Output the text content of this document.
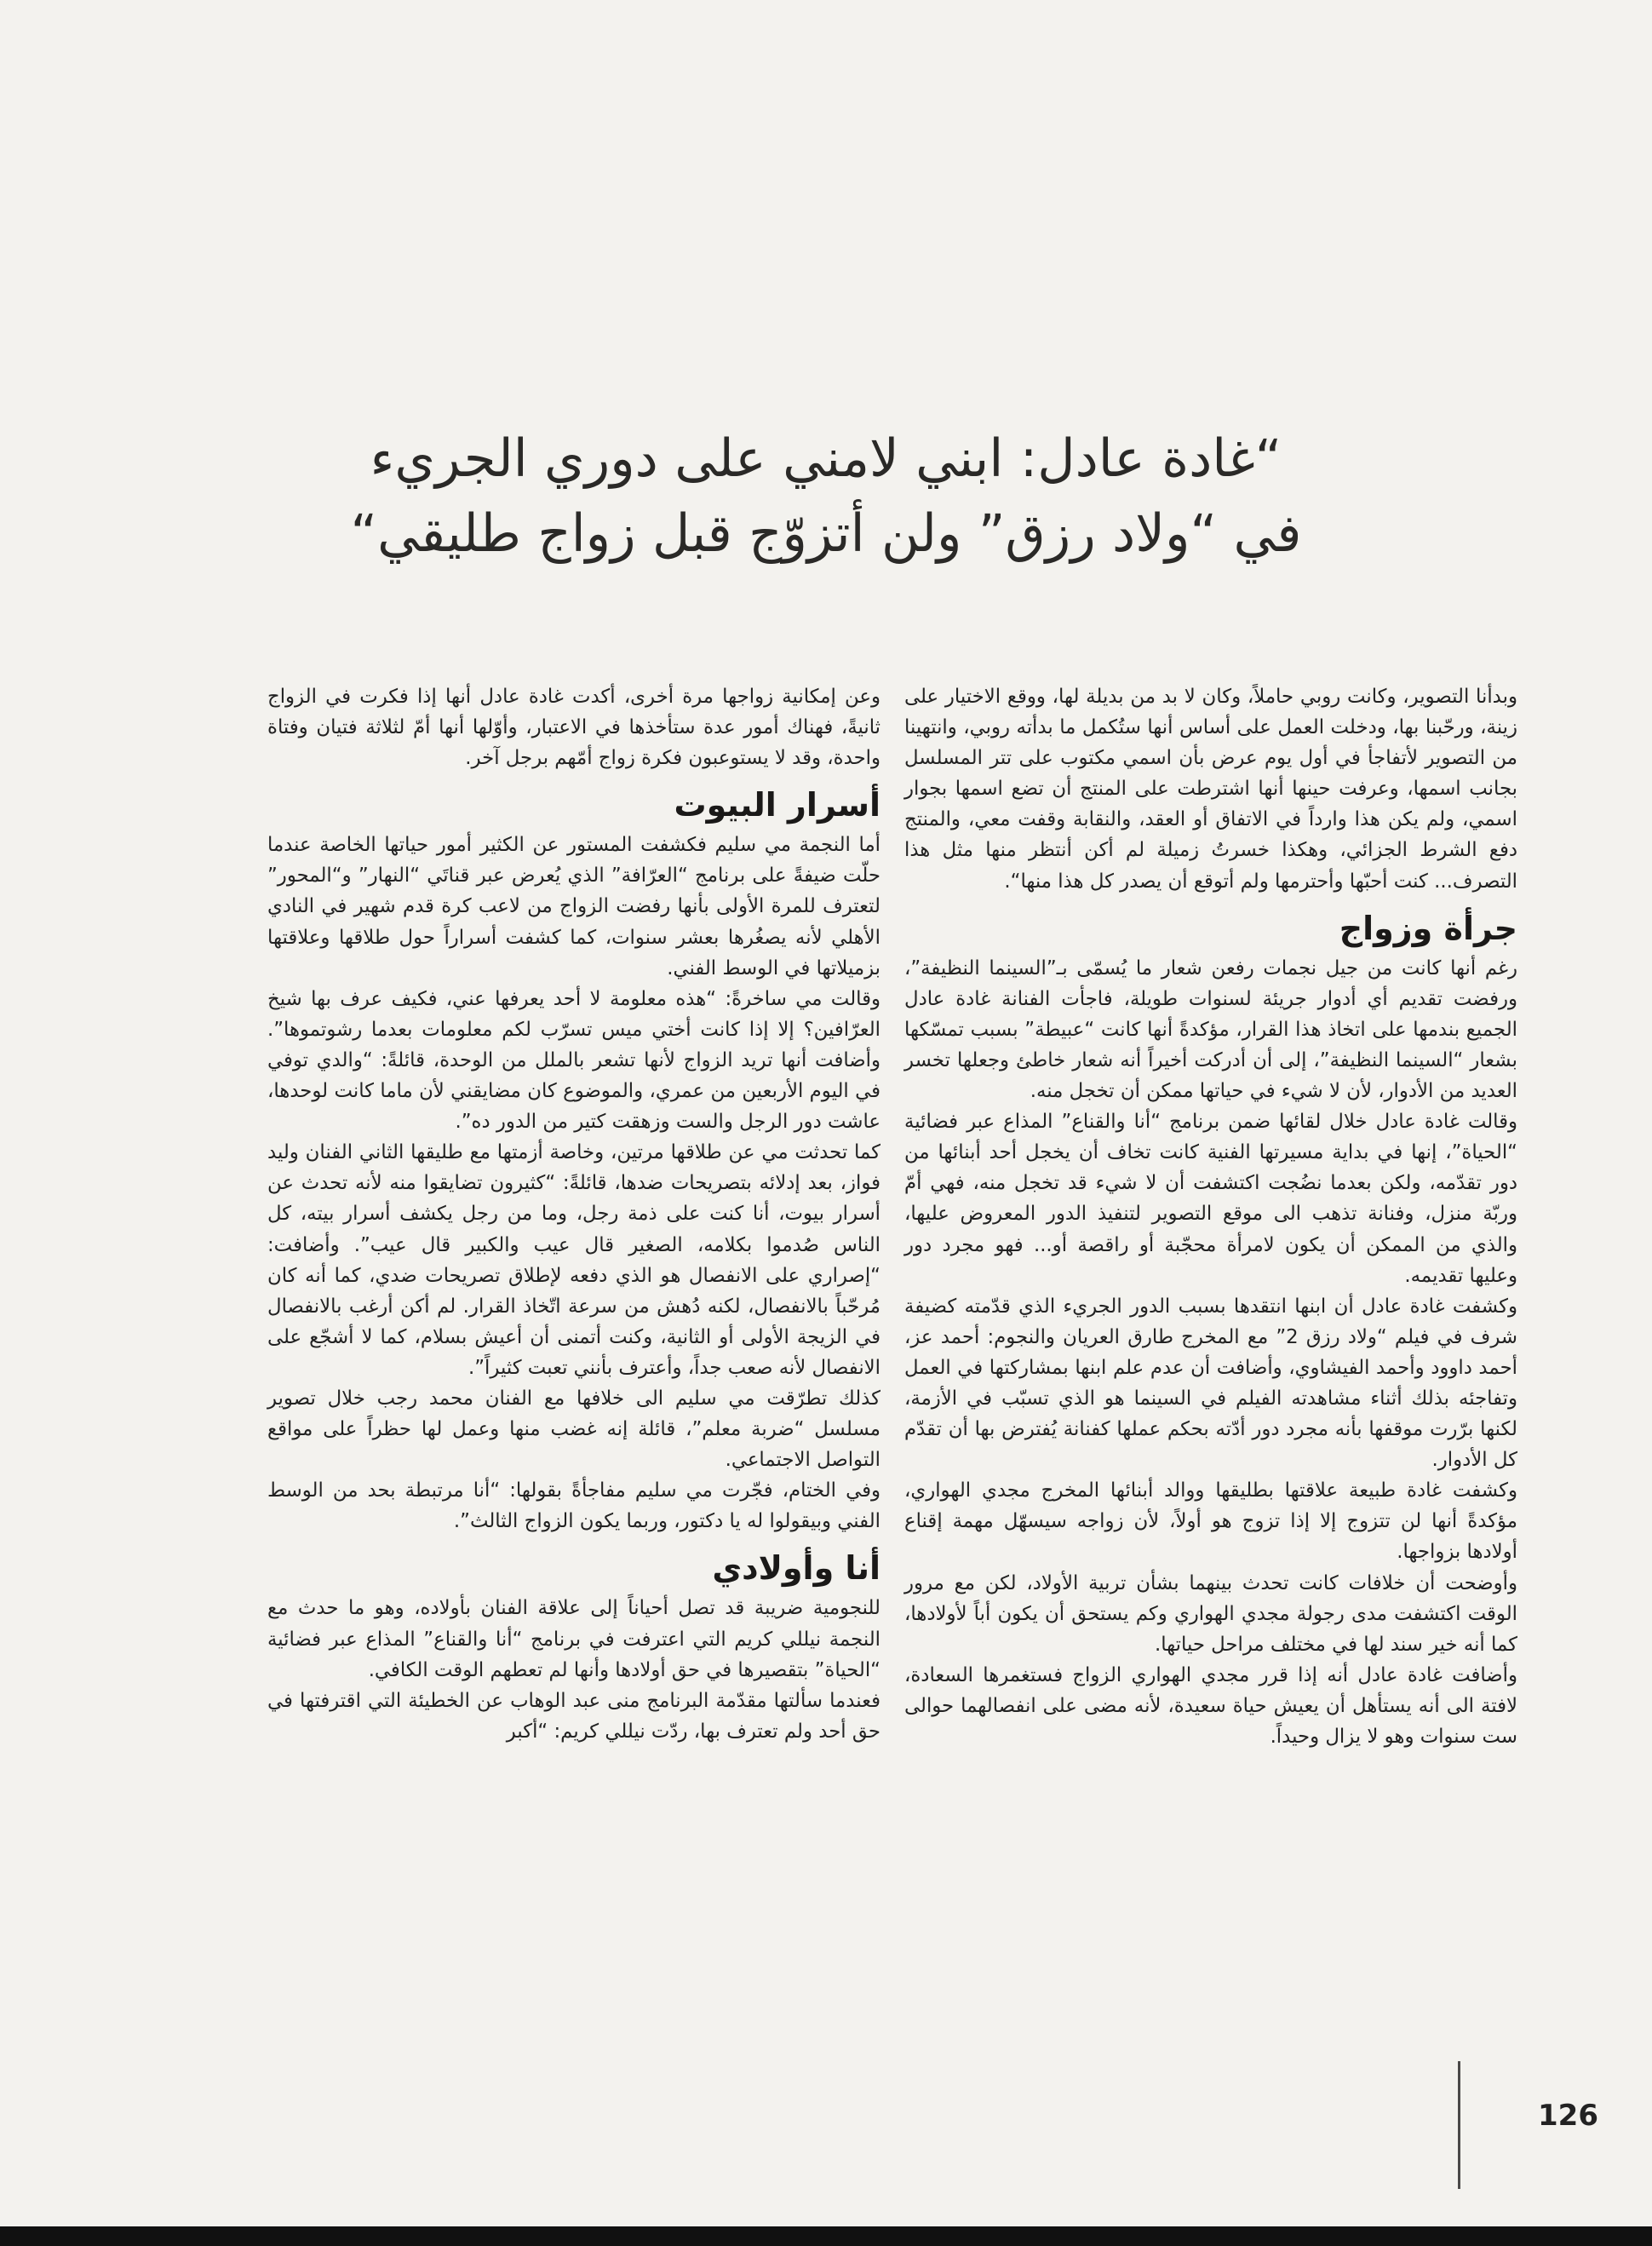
“غادة عادل: ابني لامني على دوري الجريء
في “ولاد رزق” ولن أتزوّج قبل زواج طليقي“

وبدأنا التصوير، وكانت روبي حاملاً، وكان لا بد من بديلة لها، ووقع الاختيار على زينة، ورحّبنا بها، ودخلت العمل على أساس أنها ستُكمل ما بدأته روبي، وانتهينا من التصوير لأتفاجأ في أول يوم عرض بأن اسمي مكتوب على تتر المسلسل بجانب اسمها، وعرفت حينها أنها اشترطت على المنتج أن تضع اسمها بجوار اسمي، ولم يكن هذا وارداً في الاتفاق أو العقد، والنقابة وقفت معي، والمنتج دفع الشرط الجزائي، وهكذا خسرتُ زميلة لم أكن أنتظر منها مثل هذا التصرف... كنت أحبّها وأحترمها ولم أتوقع أن يصدر كل هذا منها“.

جرأة وزواج

رغم أنها كانت من جيل نجمات رفعن شعار ما يُسمّى بـ”السينما النظيفة”، ورفضت تقديم أي أدوار جريئة لسنوات طويلة، فاجأت الفنانة غادة عادل الجميع بندمها على اتخاذ هذا القرار، مؤكدةً أنها كانت “عبيطة” بسبب تمسّكها بشعار “السينما النظيفة”، إلى أن أدركت أخيراً أنه شعار خاطئ وجعلها تخسر العديد من الأدوار، لأن لا شيء في حياتها ممكن أن تخجل منه.

وقالت غادة عادل خلال لقائها ضمن برنامج “أنا والقناع” المذاع عبر فضائية “الحياة”، إنها في بداية مسيرتها الفنية كانت تخاف أن يخجل أحد أبنائها من دور تقدّمه، ولكن بعدما نضُجت اكتشفت أن لا شيء قد تخجل منه، فهي أمّ وربّة منزل، وفنانة تذهب الى موقع التصوير لتنفيذ الدور المعروض عليها، والذي من الممكن أن يكون لامرأة محجّبة أو راقصة أو... فهو مجرد دور وعليها تقديمه.

وكشفت غادة عادل أن ابنها انتقدها بسبب الدور الجريء الذي قدّمته كضيفة شرف في فيلم “ولاد رزق 2” مع المخرج طارق العريان والنجوم: أحمد عز، أحمد داوود وأحمد الفيشاوي، وأضافت أن عدم علم ابنها بمشاركتها في العمل وتفاجئه بذلك أثناء مشاهدته الفيلم في السينما هو الذي تسبّب في الأزمة، لكنها برّرت موقفها بأنه مجرد دور أدّته بحكم عملها كفنانة يُفترض بها أن تقدّم كل الأدوار.

وكشفت غادة طبيعة علاقتها بطليقها ووالد أبنائها المخرج مجدي الهواري، مؤكدةً أنها لن تتزوج إلا إذا تزوج هو أولاً، لأن زواجه سيسهّل مهمة إقناع أولادها بزواجها.

وأوضحت أن خلافات كانت تحدث بينهما بشأن تربية الأولاد، لكن مع مرور الوقت اكتشفت مدى رجولة مجدي الهواري وكم يستحق أن يكون أباً لأولادها، كما أنه خير سند لها في مختلف مراحل حياتها.

وأضافت غادة عادل أنه إذا قرر مجدي الهواري الزواج فستغمرها السعادة، لافتة الى أنه يستأهل أن يعيش حياة سعيدة، لأنه مضى على انفصالهما حوالى ست سنوات وهو لا يزال وحيداً.

وعن إمكانية زواجها مرة أخرى، أكدت غادة عادل أنها إذا فكرت في الزواج ثانيةً، فهناك أمور عدة ستأخذها في الاعتبار، وأوّلها أنها أمّ لثلاثة فتيان وفتاة واحدة، وقد لا يستوعبون فكرة زواج أمّهم برجل آخر.

أسرار البيوت

أما النجمة مي سليم فكشفت المستور عن الكثير أمور حياتها الخاصة عندما حلّت ضيفةً على برنامج “العرّافة” الذي يُعرض عبر قناتَي “النهار” و“المحور” لتعترف للمرة الأولى بأنها رفضت الزواج من لاعب كرة قدم شهير في النادي الأهلي لأنه يصغُرها بعشر سنوات، كما كشفت أسراراً حول طلاقها وعلاقتها بزميلاتها في الوسط الفني.

وقالت مي ساخرةً: “هذه معلومة لا أحد يعرفها عني، فكيف عرف بها شيخ العرّافين؟ إلا إذا كانت أختي ميس تسرّب لكم معلومات بعدما رشوتموها”. وأضافت أنها تريد الزواج لأنها تشعر بالملل من الوحدة، قائلةً: “والدي توفي في اليوم الأربعين من عمري، والموضوع كان مضايقني لأن ماما كانت لوحدها، عاشت دور الرجل والست وزهقت كتير من الدور ده”.

كما تحدثت مي عن طلاقها مرتين، وخاصة أزمتها مع طليقها الثاني الفنان وليد فواز، بعد إدلائه بتصريحات ضدها، قائلةً: “كثيرون تضايقوا منه لأنه تحدث عن أسرار بيوت، أنا كنت على ذمة رجل، وما من رجل يكشف أسرار بيته، كل الناس صُدموا بكلامه، الصغير قال عيب والكبير قال عيب”. وأضافت: “إصراري على الانفصال هو الذي دفعه لإطلاق تصريحات ضدي، كما أنه كان مُرحّباً بالانفصال، لكنه دُهش من سرعة اتّخاذ القرار. لم أكن أرغب بالانفصال في الزيجة الأولى أو الثانية، وكنت أتمنى أن أعيش بسلام، كما لا أشجّع على الانفصال لأنه صعب جداً، وأعترف بأنني تعبت كثيراً”.

كذلك تطرّقت مي سليم الى خلافها مع الفنان محمد رجب خلال تصوير مسلسل “ضربة معلم”، قائلة إنه غضب منها وعمل لها حظراً على مواقع التواصل الاجتماعي.

وفي الختام، فجّرت مي سليم مفاجأةً بقولها: “أنا مرتبطة بحد من الوسط الفني وبيقولوا له يا دكتور، وربما يكون الزواج الثالث”.

أنا وأولادي

للنجومية ضريبة قد تصل أحياناً إلى علاقة الفنان بأولاده، وهو ما حدث مع النجمة نيللي كريم التي اعترفت في برنامج “أنا والقناع” المذاع عبر فضائية “الحياة” بتقصيرها في حق أولادها وأنها لم تعطهم الوقت الكافي.

فعندما سألتها مقدّمة البرنامج منى عبد الوهاب عن الخطيئة التي اقترفتها في حق أحد ولم تعترف بها، ردّت نيللي كريم: “أكبر

126
